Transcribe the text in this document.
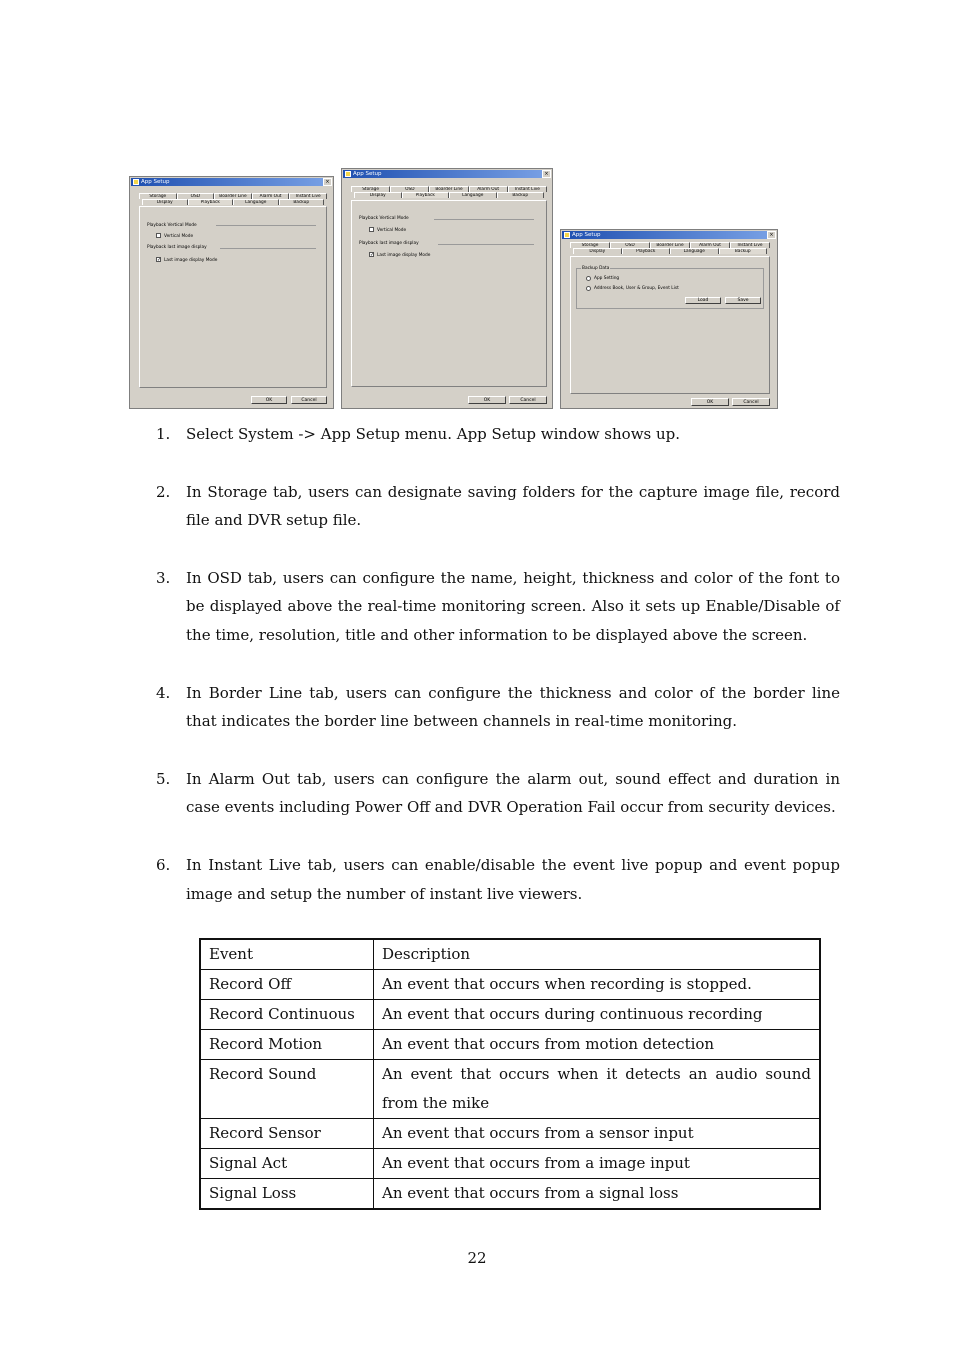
App Setup	×
Storage	OSD	Boarder Line	Alarm Out	Instant Live
Display	Playback	Language	Backup
Playback Vertical Mode
Vertical Mode
Playback last image display
✓ Last image display Mode
OK	Cancel
App Setup	×
Storage	OSD	Boarder Line	Alarm Out	Instant Live
Display	Playback	Language	Backup
Playback Vertical Mode
Vertical Mode
Playback last image display
✓ Last image display Mode
OK	Cancel
App Setup	×
Storage	OSD	Boarder Line	Alarm Out	Instant Live
Display	Playback	Language	Backup
Backup Data
App Setting
Address Book, User & Group, Event List
Load	Save
OK	Cancel
1. Select System -> App Setup menu. App Setup window shows up.
2. In Storage tab, users can designate saving folders for the capture image file, record file and DVR setup file.
3. In OSD tab, users can configure the name, height, thickness and color of the font to be displayed above the real-time monitoring screen. Also it sets up Enable/Disable of the time, resolution, title and other information to be displayed above the screen.
4. In Border Line tab, users can configure the thickness and color of the border line that indicates the border line between channels in real-time monitoring.
5. In Alarm Out tab, users can configure the alarm out, sound effect and duration in case events including Power Off and DVR Operation Fail occur from security devices.
6. In Instant Live tab, users can enable/disable the event live popup and event popup image and setup the number of instant live viewers.
Event	Description
Record Off	An event that occurs when recording is stopped.
Record Continuous	An event that occurs during continuous recording
Record Motion	An event that occurs from motion detection
Record Sound	An event that occurs when it detects an audio sound from the mike
Record Sensor	An event that occurs from a sensor input
Signal Act	An event that occurs from a image input
Signal Loss	An event that occurs from a signal loss
22
